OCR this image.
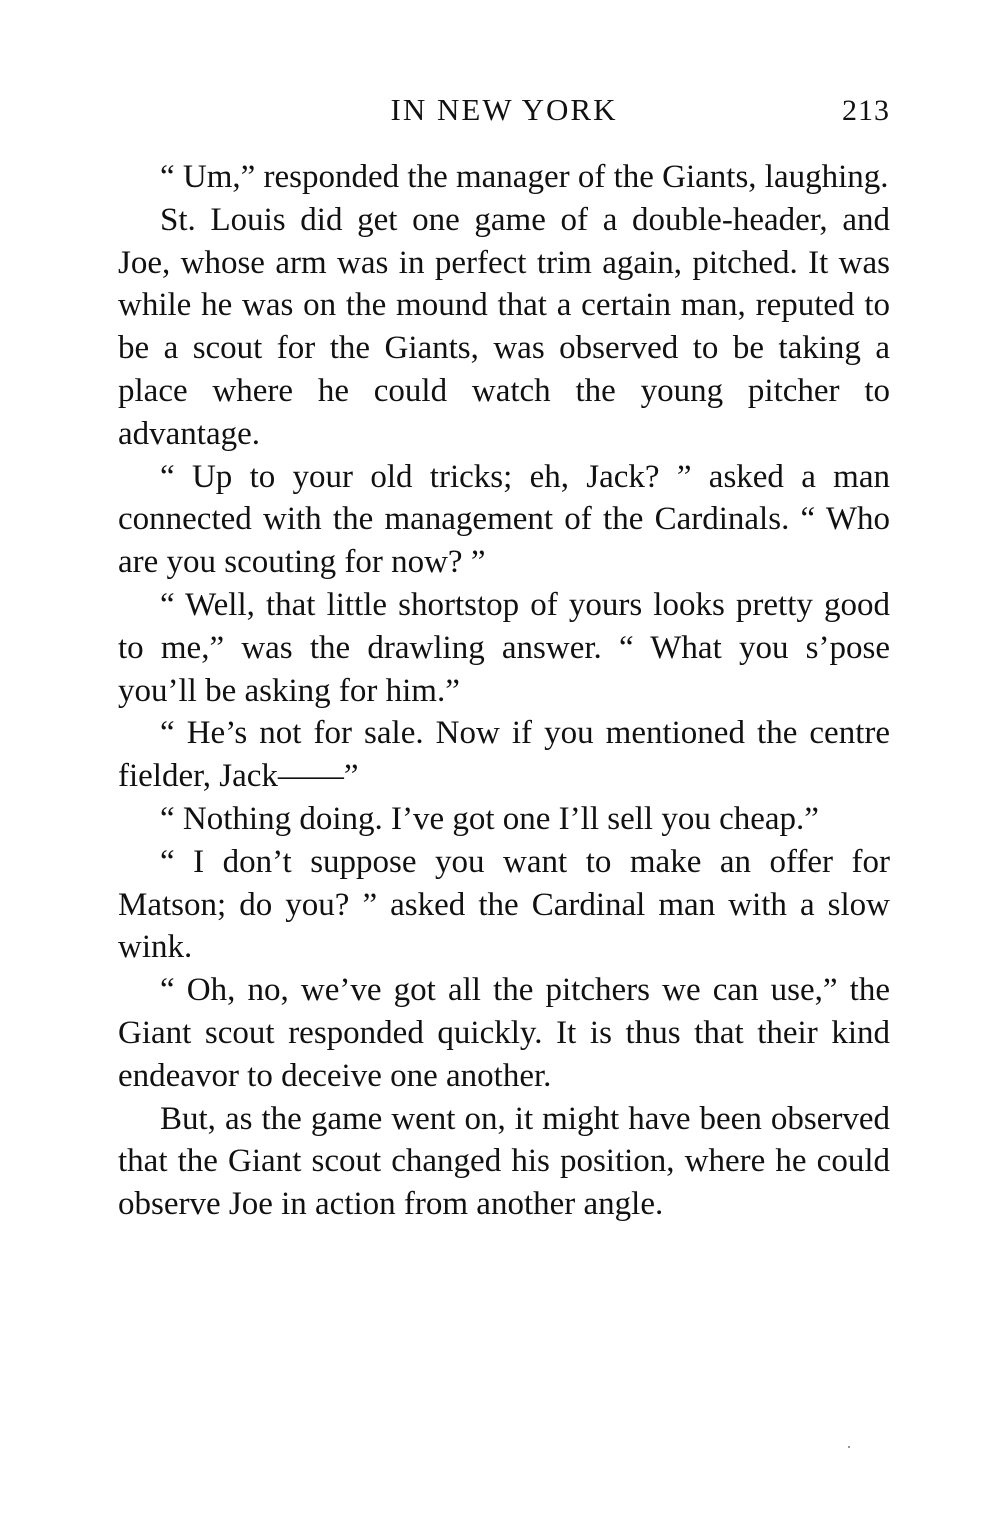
IN NEW YORK	213

“ Um,” responded the manager of the Giants, laughing.

St. Louis did get one game of a double-header, and Joe, whose arm was in perfect trim again, pitched. It was while he was on the mound that a certain man, reputed to be a scout for the Giants, was observed to be taking a place where he could watch the young pitcher to advantage.

“ Up to your old tricks; eh, Jack? ” asked a man connected with the management of the Cardinals. “ Who are you scouting for now? ”

“ Well, that little shortstop of yours looks pretty good to me,” was the drawling answer. “ What you s’pose you’ll be asking for him.”

“ He’s not for sale. Now if you mentioned the centre fielder, Jack——”

“ Nothing doing. I’ve got one I’ll sell you cheap.”

“ I don’t suppose you want to make an offer for Matson; do you? ” asked the Cardinal man with a slow wink.

“ Oh, no, we’ve got all the pitchers we can use,” the Giant scout responded quickly. It is thus that their kind endeavor to deceive one another.

But, as the game went on, it might have been observed that the Giant scout changed his position, where he could observe Joe in action from another angle.
